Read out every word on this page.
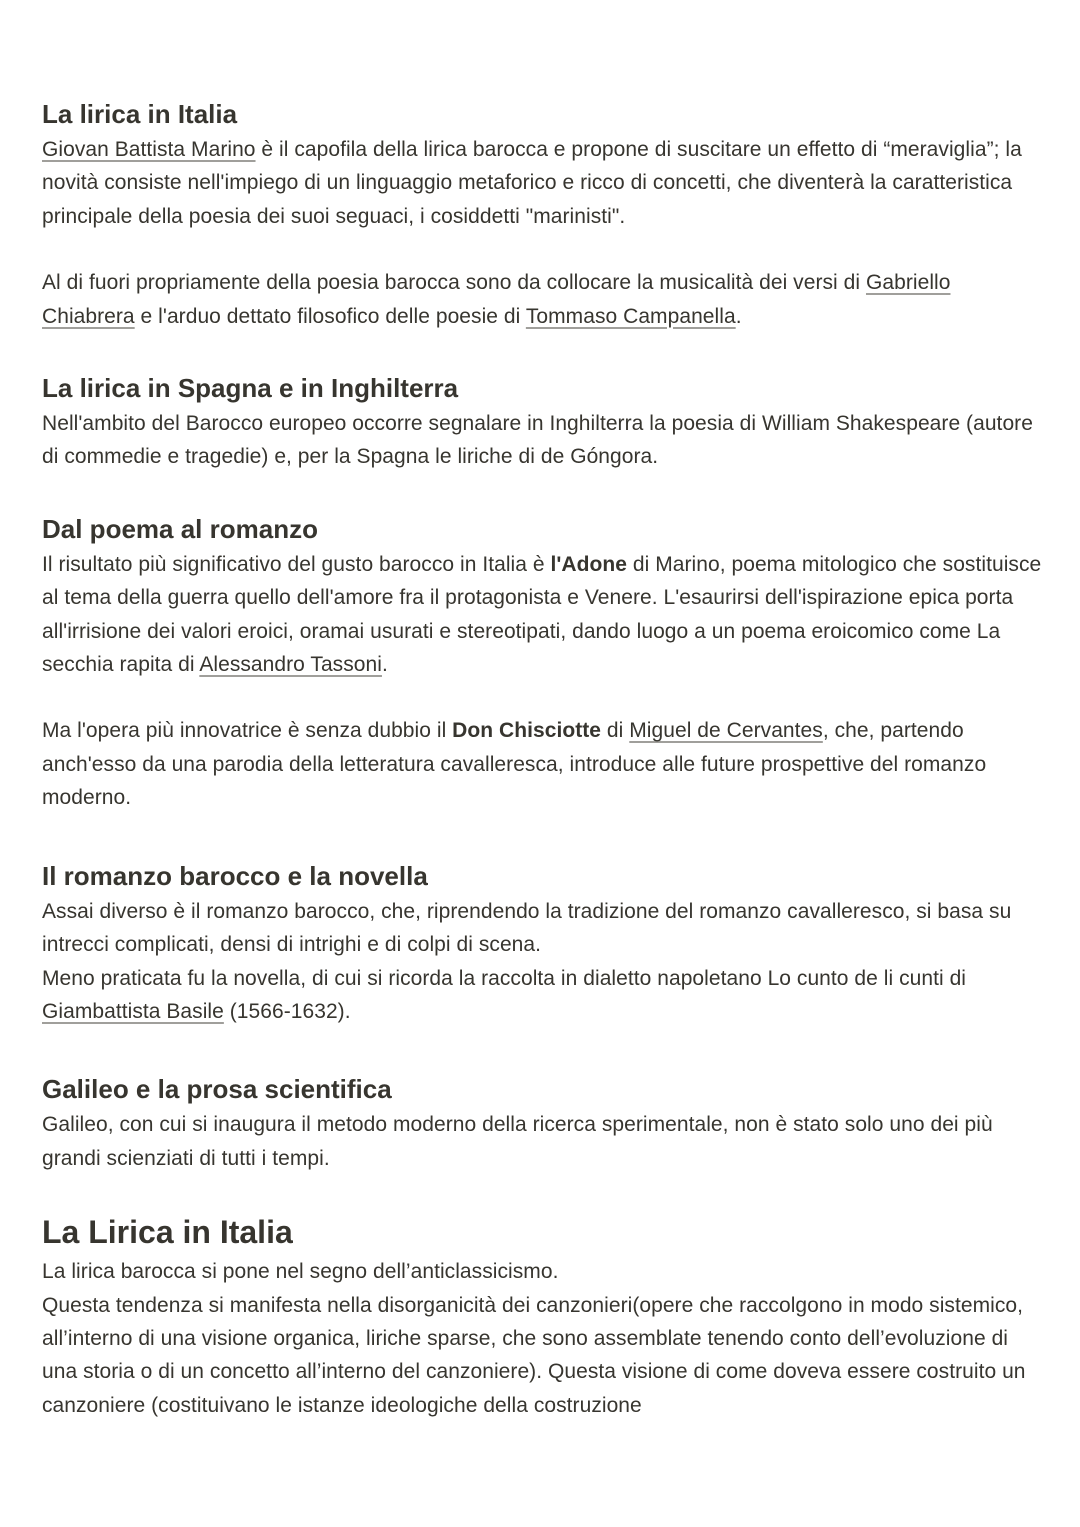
La lirica in Italia

Giovan Battista Marino è il capofila della lirica barocca e propone di suscitare un effetto di “meraviglia”; la novità consiste nell'impiego di un linguaggio metaforico e ricco di concetti, che diventerà la caratteristica principale della poesia dei suoi seguaci, i cosiddetti "marinisti".

Al di fuori propriamente della poesia barocca sono da collocare la musicalità dei versi di Gabriello Chiabrera e l'arduo dettato filosofico delle poesie di Tommaso Campanella.

La lirica in Spagna e in Inghilterra

Nell'ambito del Barocco europeo occorre segnalare in Inghilterra la poesia di William Shakespeare (autore di commedie e tragedie) e, per la Spagna le liriche di de Góngora.

Dal poema al romanzo

Il risultato più significativo del gusto barocco in Italia è l'Adone di Marino, poema mitologico che sostituisce al tema della guerra quello dell'amore fra il protagonista e Venere. L'esaurirsi dell'ispirazione epica porta all'irrisione dei valori eroici, oramai usurati e stereotipati, dando luogo a un poema eroicomico come La secchia rapita di Alessandro Tassoni.

Ma l'opera più innovatrice è senza dubbio il Don Chisciotte di Miguel de Cervantes, che, partendo anch'esso da una parodia della letteratura cavalleresca, introduce alle future prospettive del romanzo moderno.

Il romanzo barocco e la novella

Assai diverso è il romanzo barocco, che, riprendendo la tradizione del romanzo cavalleresco, si basa su intrecci complicati, densi di intrighi e di colpi di scena.

Meno praticata fu la novella, di cui si ricorda la raccolta in dialetto napoletano Lo cunto de li cunti di Giambattista Basile (1566-1632).

Galileo e la prosa scientifica

Galileo, con cui si inaugura il metodo moderno della ricerca sperimentale, non è stato solo uno dei più grandi scienziati di tutti i tempi.

La Lirica in Italia

La lirica barocca si pone nel segno dell’anticlassicismo.

Questa tendenza si manifesta nella disorganicità dei canzonieri(opere che raccolgono in modo sistemico, all’interno di una visione organica, liriche sparse, che sono assemblate tenendo conto dell’evoluzione di una storia o di un concetto all’interno del canzoniere). Questa visione di come doveva essere costruito un canzoniere (costituivano le istanze ideologiche della costruzione
